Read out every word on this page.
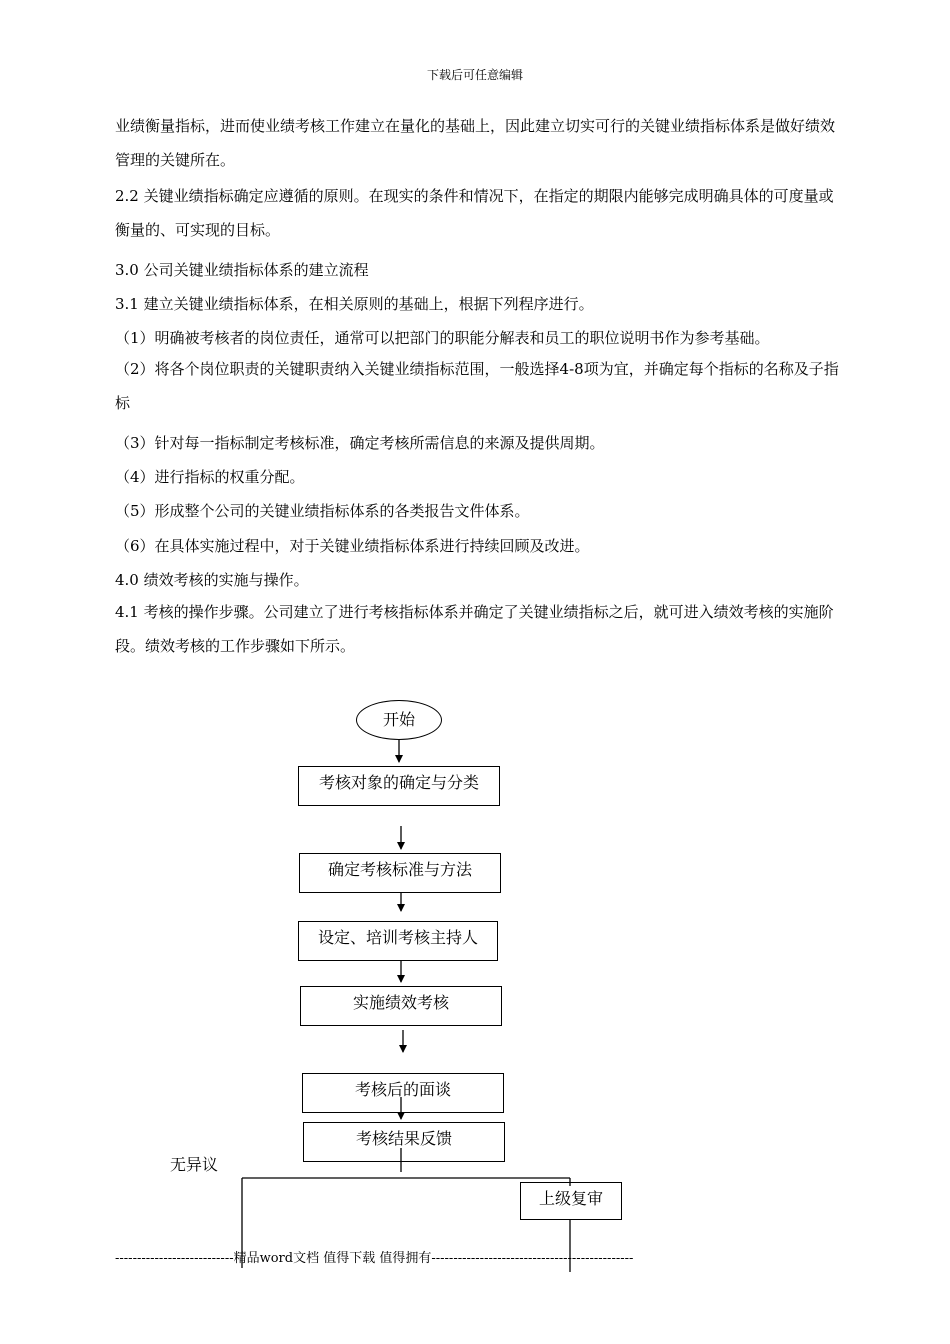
下载后可任意编辑

业绩衡量指标，进而使业绩考核工作建立在量化的基础上，因此建立切实可行的关键业绩指标体系是做好绩效管理的关键所在。

2.2 关键业绩指标确定应遵循的原则。在现实的条件和情况下，在指定的期限内能够完成明确具体的可度量或衡量的、可实现的目标。

3.0 公司关键业绩指标体系的建立流程
3.1 建立关键业绩指标体系，在相关原则的基础上，根据下列程序进行。
（1）明确被考核者的岗位责任，通常可以把部门的职能分解表和员工的职位说明书作为参考基础。

（2）将各个岗位职责的关键职责纳入关键业绩指标范围，一般选择4-8项为宜，并确定每个指标的名称及子指标

（3）针对每一指标制定考核标准，确定考核所需信息的来源及提供周期。
（4）进行指标的权重分配。
（5）形成整个公司的关键业绩指标体系的各类报告文件体系。
（6）在具体实施过程中，对于关键业绩指标体系进行持续回顾及改进。
4.0 绩效考核的实施与操作。

4.1 考核的操作步骤。公司建立了进行考核指标体系并确定了关键业绩指标之后，就可进入绩效考核的实施阶段。绩效考核的工作步骤如下所示。

开始
考核对象的确定与分类
确定考核标准与方法
设定、培训考核主持人
实施绩效考核
考核后的面谈
考核结果反馈
无异议
上级复审
---------------------------精品word文档 值得下载 值得拥有----------------------------------------------
